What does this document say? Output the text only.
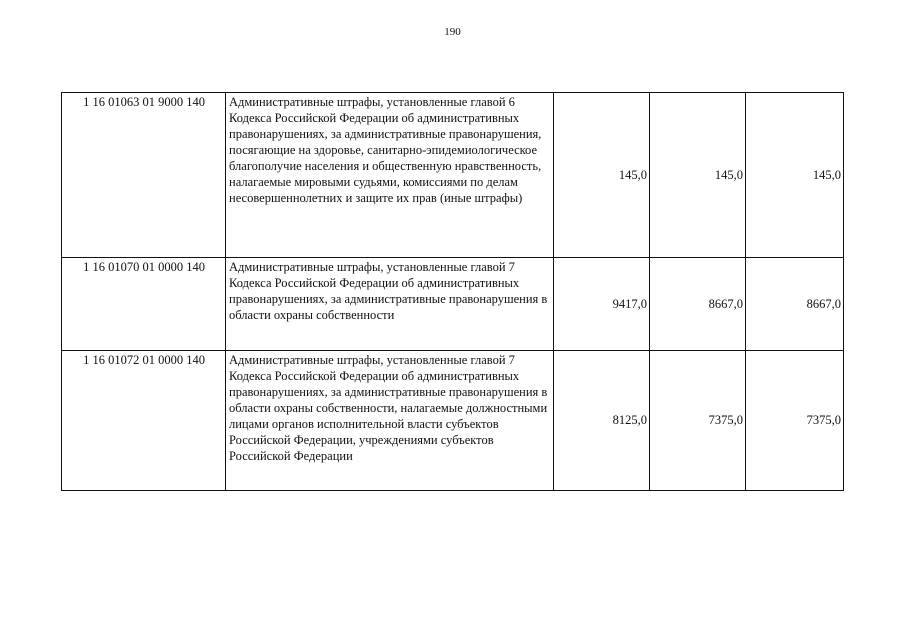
190
1 16 01063 01 9000 140	Административные штрафы, установленные главой 6 Кодекса Российской Федерации об административных правонарушениях, за административные правонарушения, посягающие на здоровье, санитарно-эпидемиологическое благополучие населения и общественную нравственность, налагаемые мировыми судьями, комиссиями по делам несовершеннолетних и защите их прав (иные штрафы)	145,0	145,0	145,0
1 16 01070 01 0000 140	Административные штрафы, установленные главой 7 Кодекса Российской Федерации об административных правонарушениях, за административные правонарушения в области охраны собственности	9417,0	8667,0	8667,0
1 16 01072 01 0000 140	Административные штрафы, установленные главой 7 Кодекса Российской Федерации об административных правонарушениях, за административные правонарушения в области охраны собственности, налагаемые должностными лицами органов исполнительной власти субъектов Российской Федерации, учреждениями субъектов Российской Федерации	8125,0	7375,0	7375,0
